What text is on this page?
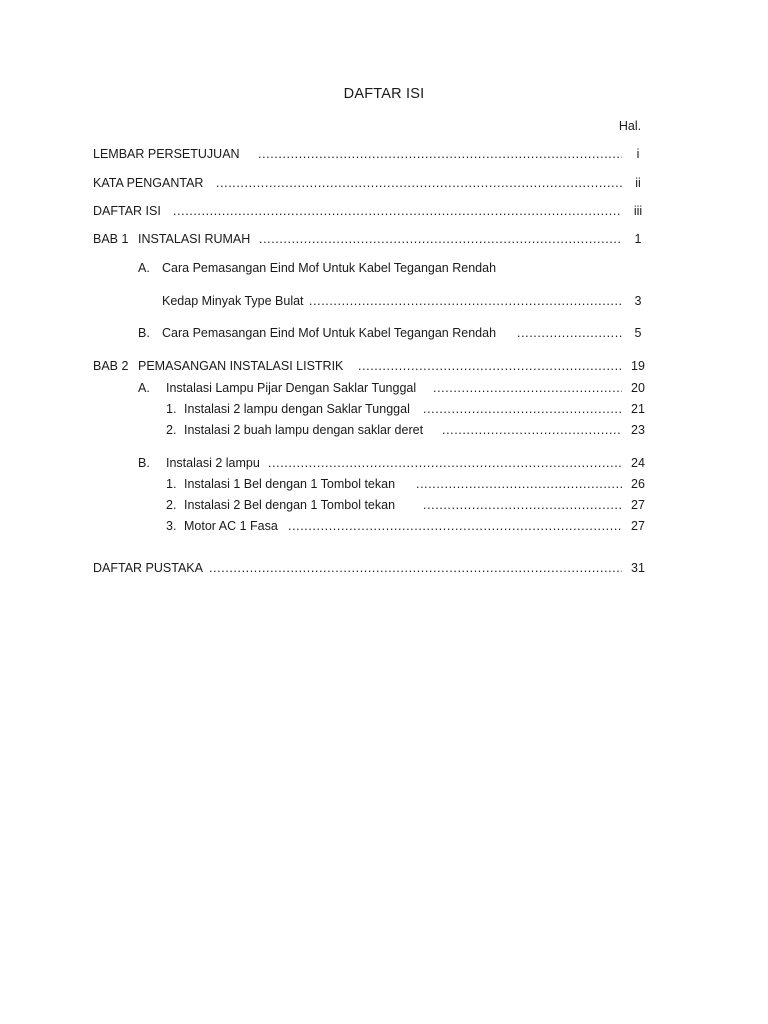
DAFTAR ISI
Hal.
LEMBAR PERSETUJUAN .....	i
KATA PENGANTAR .....	ii
DAFTAR ISI .....	iii
BAB 1 INSTALASI RUMAH .....	1
A. Cara Pemasangan Eind Mof Untuk Kabel Tegangan Rendah
Kedap Minyak Type Bulat .....	3
B. Cara Pemasangan Eind Mof Untuk Kabel Tegangan Rendah .....	5
BAB 2 PEMASANGAN INSTALASI LISTRIK .....	19
A. Instalasi Lampu Pijar Dengan Saklar Tunggal .....	20
1. Instalasi 2 lampu dengan Saklar Tunggal .....	21
2. Instalasi 2 buah lampu dengan saklar deret .....	23
B. Instalasi 2 lampu .....	24
1. Instalasi 1 Bel dengan 1 Tombol tekan .....	26
2. Instalasi 2 Bel dengan 1 Tombol tekan .....	27
3. Motor AC 1 Fasa .....	27
DAFTAR PUSTAKA .....	31
